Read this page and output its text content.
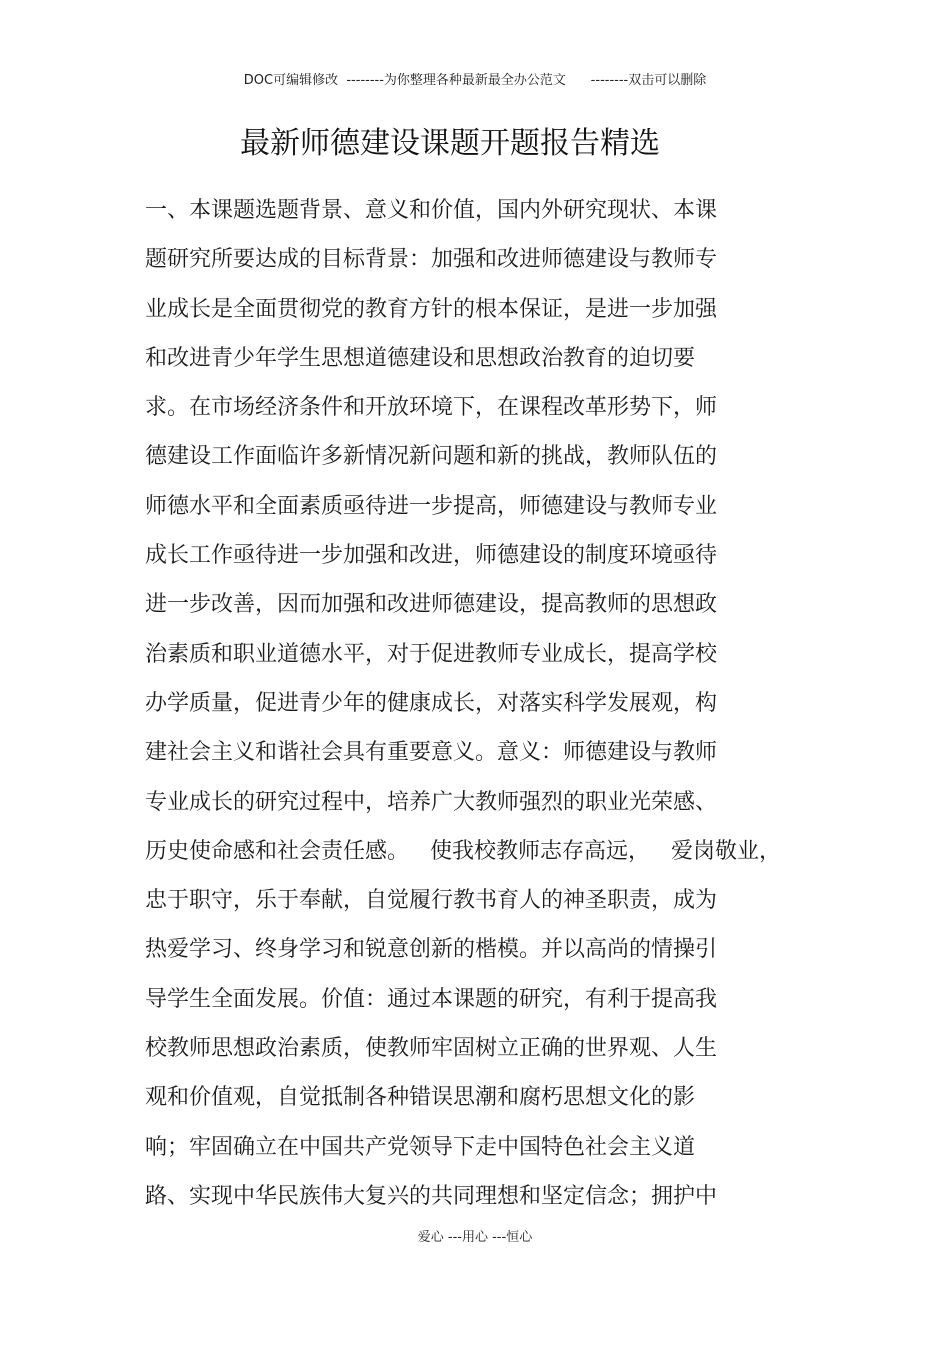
DOC可编辑修改  --------为你整理各种最新最全办公范文      --------双击可以删除
最新师德建设课题开题报告精选
一、本课题选题背景、意义和价值，国内外研究现状、本课
题研究所要达成的目标背景：加强和改进师德建设与教师专
业成长是全面贯彻党的教育方针的根本保证，是进一步加强
和改进青少年学生思想道德建设和思想政治教育的迫切要
求。在市场经济条件和开放环境下，在课程改革形势下，师
德建设工作面临许多新情况新问题和新的挑战，教师队伍的
师德水平和全面素质亟待进一步提高，师德建设与教师专业
成长工作亟待进一步加强和改进，师德建设的制度环境亟待
进一步改善，因而加强和改进师德建设，提高教师的思想政
治素质和职业道德水平，对于促进教师专业成长，提高学校
办学质量，促进青少年的健康成长，对落实科学发展观，构
建社会主义和谐社会具有重要意义。意义：师德建设与教师
专业成长的研究过程中，培养广大教师强烈的职业光荣感、
历史使命感和社会责任感。   使我校教师志存高远，   爱岗敬业，
忠于职守，乐于奉献，自觉履行教书育人的神圣职责，成为
热爱学习、终身学习和锐意创新的楷模。并以高尚的情操引
导学生全面发展。价值：通过本课题的研究，有利于提高我
校教师思想政治素质，使教师牢固树立正确的世界观、人生
观和价值观，自觉抵制各种错误思潮和腐朽思想文化的影
响；牢固确立在中国共产党领导下走中国特色社会主义道
路、实现中华民族伟大复兴的共同理想和坚定信念；拥护中
爱心 ---用心 ---恒心
